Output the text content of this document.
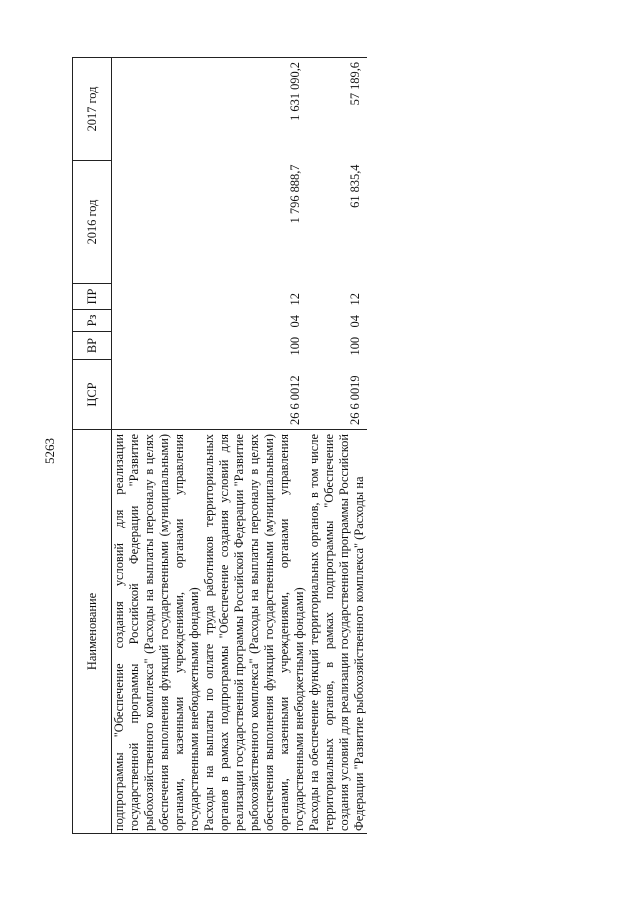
5263
Наименование	ЦСР	ВР	Рз	ПР	2016 год	2017 год
подпрограммы "Обеспечение создания условий для реализации государственной программы Российской Федерации "Развитие рыбохозяйственного комплекса" (Расходы на выплаты персоналу в целях обеспечения выполнения функций государственными (муниципальными) органами, казенными учреждениями, органами управления государственными внебюджетными фондами)						
Расходы на выплаты по оплате труда работников территориальных органов в рамках подпрограммы "Обеспечение создания условий для реализации государственной программы Российской Федерации "Развитие рыбохозяйственного комплекса" (Расходы на выплаты персоналу в целях обеспечения выполнения функций государственными (муниципальными) органами, казенными учреждениями, органами управления государственными внебюджетными фондами)	26 6 0012	100	04	12	1 796 888,7	1 631 090,2
Расходы на обеспечение функций территориальных органов, в том числе территориальных органов, в рамках подпрограммы "Обеспечение создания условий для реализации государственной программы Российской Федерации "Развитие рыбохозяйственного комплекса" (Расходы на	26 6 0019	100	04	12	61 835,4	57 189,6
